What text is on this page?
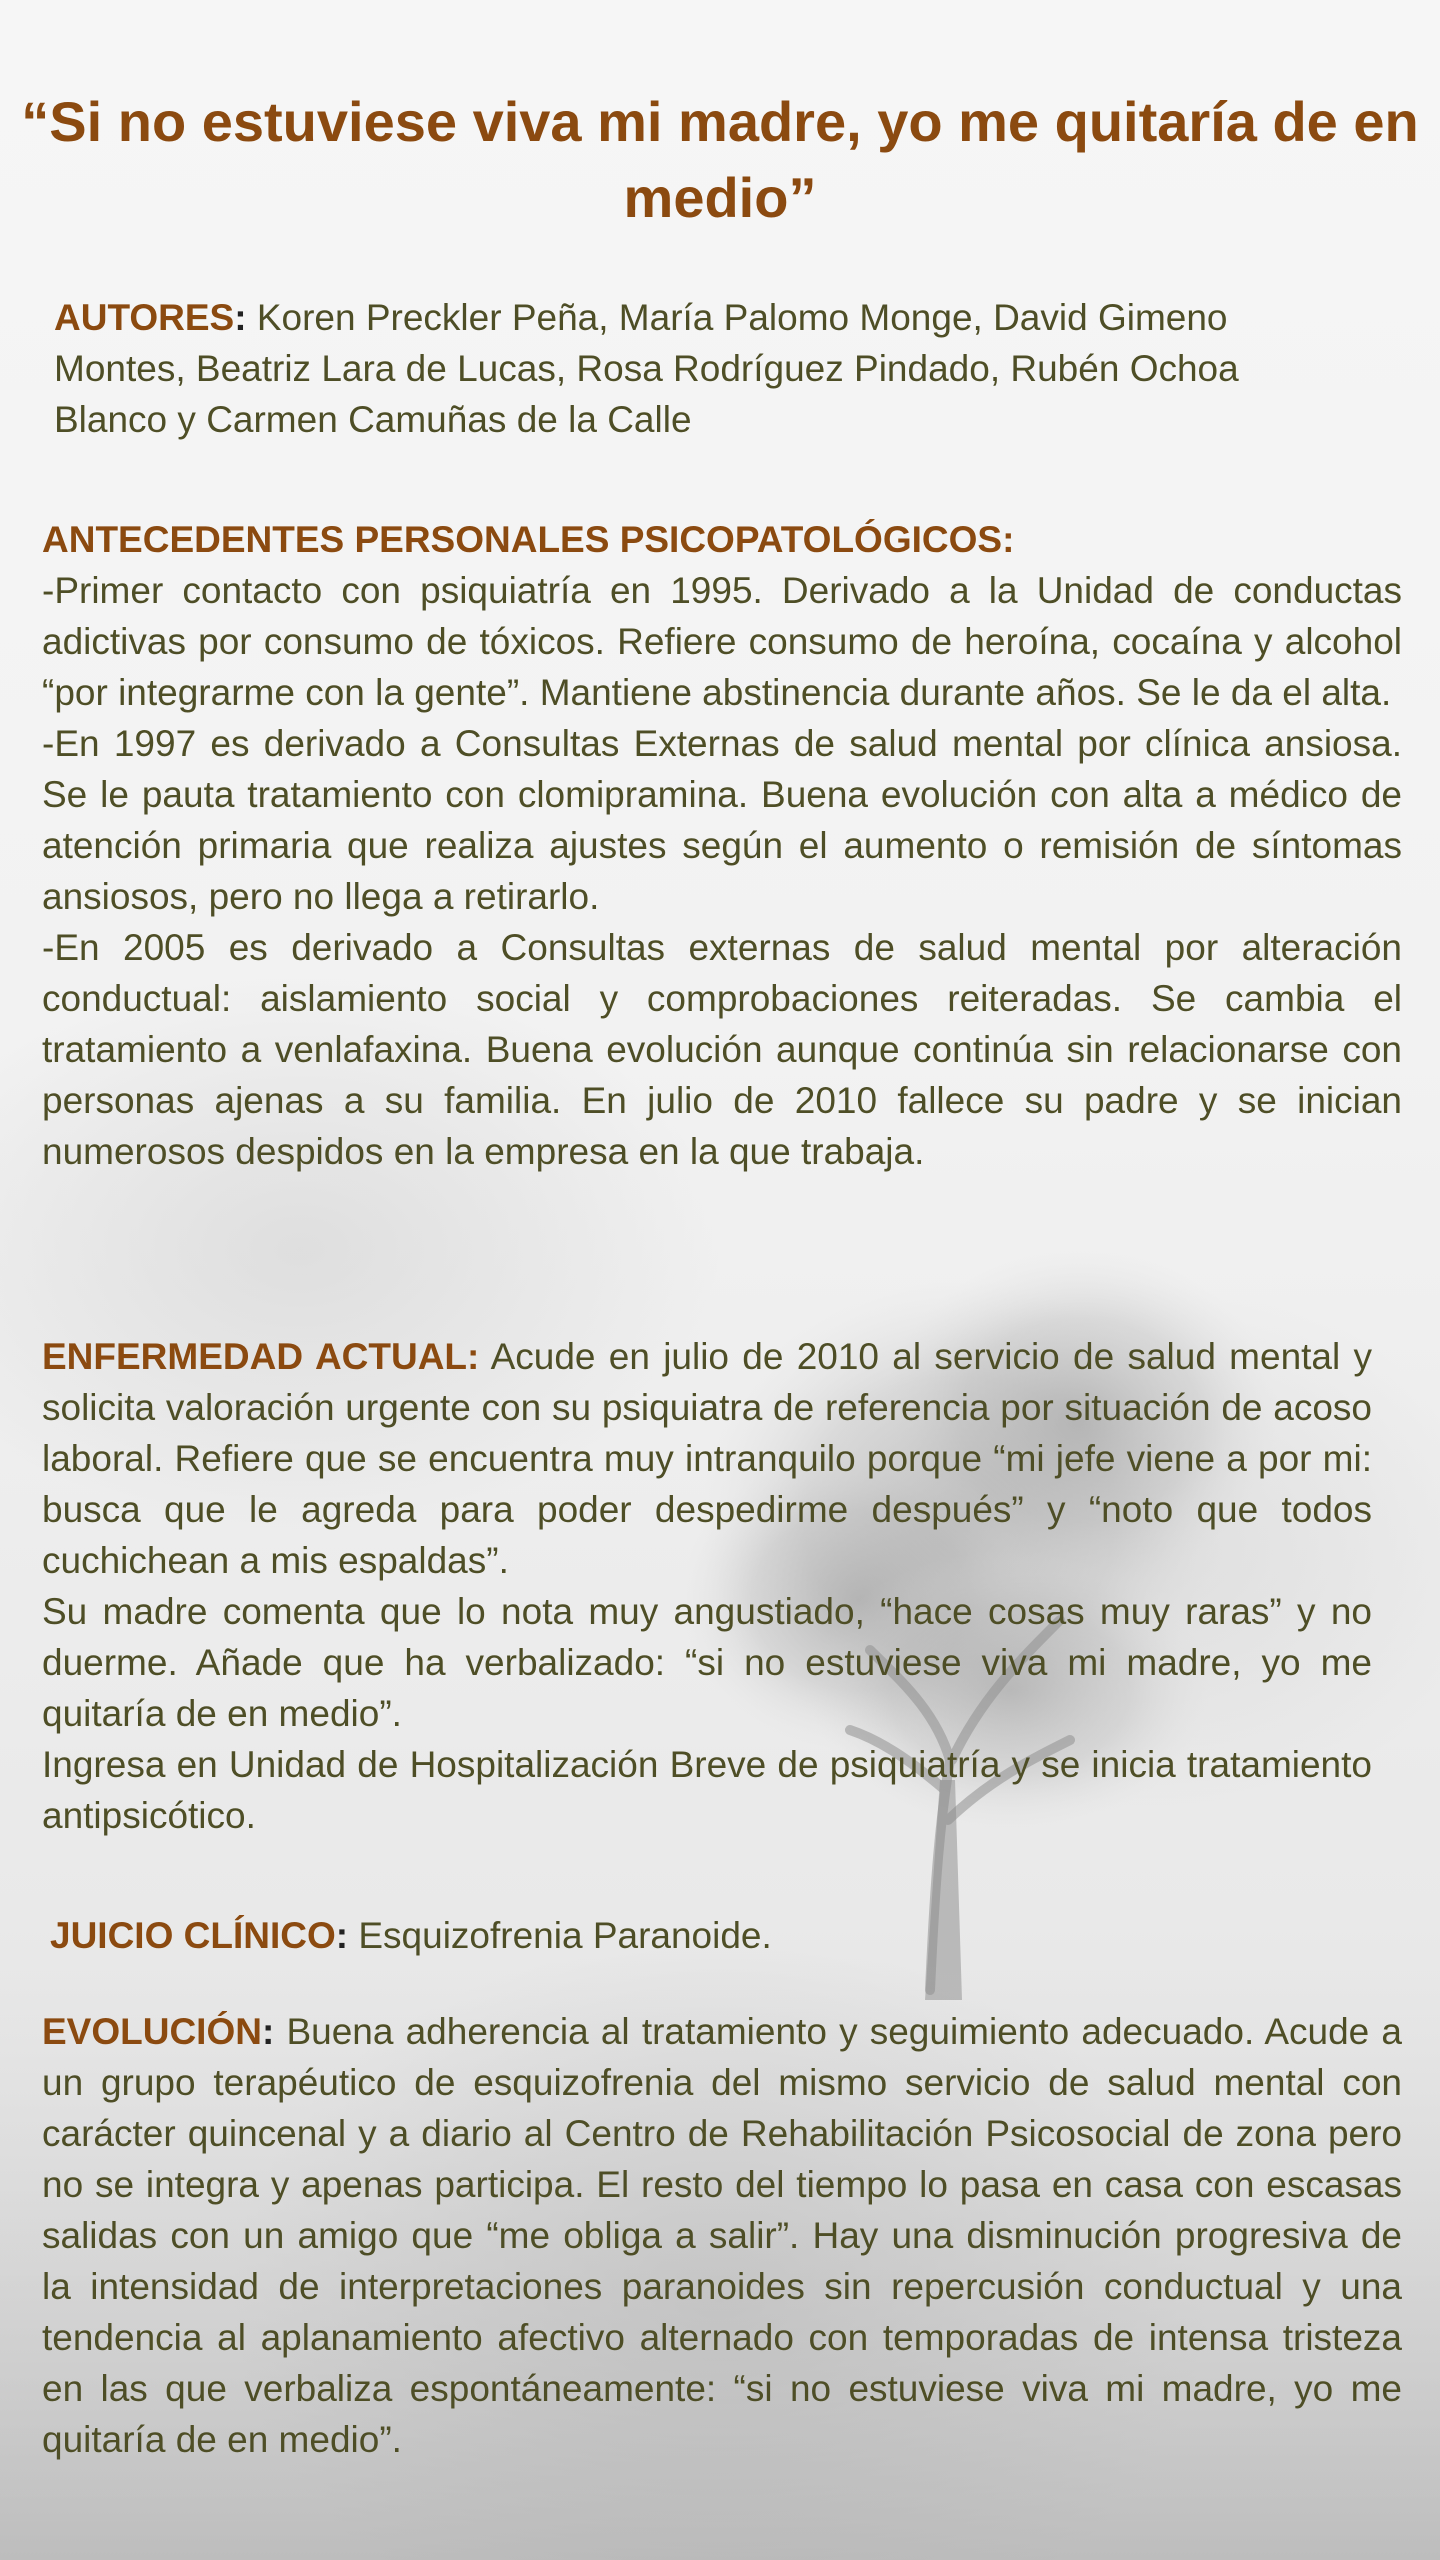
“Si no estuviese viva mi madre, yo me quitaría de en medio”
AUTORES: Koren Preckler Peña, María Palomo Monge, David Gimeno Montes, Beatriz Lara de Lucas, Rosa Rodríguez Pindado, Rubén Ochoa Blanco y Carmen Camuñas de la Calle
ANTECEDENTES PERSONALES PSICOPATOLÓGICOS:

-Primer contacto con psiquiatría en 1995. Derivado a la Unidad de conductas adictivas por consumo de tóxicos. Refiere consumo de heroína, cocaína y alcohol “por integrarme con la gente”. Mantiene abstinencia durante años. Se le da el alta.

-En 1997 es derivado a Consultas Externas de salud mental por clínica ansiosa. Se le pauta tratamiento con clomipramina. Buena evolución con alta a médico de atención primaria que realiza ajustes según el aumento o remisión de síntomas ansiosos, pero no llega a retirarlo.

-En 2005 es derivado a Consultas externas de salud mental por alteración conductual: aislamiento social y comprobaciones reiteradas. Se cambia el tratamiento a venlafaxina. Buena evolución aunque continúa sin relacionarse con personas ajenas a su familia. En julio de 2010 fallece su padre y se inician numerosos despidos en la empresa en la que trabaja.

ENFERMEDAD ACTUAL: Acude en julio de 2010 al servicio de salud mental y solicita valoración urgente con su psiquiatra de referencia por situación de acoso laboral. Refiere que se encuentra muy intranquilo porque “mi jefe viene a por mi: busca que le agreda para poder despedirme después” y “noto que todos cuchichean a mis espaldas”.

Su madre comenta que lo nota muy angustiado, “hace cosas muy raras” y no duerme. Añade que ha verbalizado: “si no estuviese viva mi madre, yo me quitaría de en medio”.

Ingresa en Unidad de Hospitalización Breve de psiquiatría y se inicia tratamiento antipsicótico.

JUICIO CLÍNICO: Esquizofrenia Paranoide.
EVOLUCIÓN: Buena adherencia al tratamiento y seguimiento adecuado. Acude a un grupo terapéutico de esquizofrenia del mismo servicio de salud mental con carácter quincenal y a diario al Centro de Rehabilitación Psicosocial de zona pero no se integra y apenas participa. El resto del tiempo lo pasa en casa con escasas salidas con un amigo que “me obliga a salir”. Hay una disminución progresiva de la intensidad de interpretaciones paranoides sin repercusión conductual y una tendencia al aplanamiento afectivo alternado con temporadas de intensa tristeza en las que verbaliza espontáneamente: “si no estuviese viva mi madre, yo me quitaría de en medio”.
